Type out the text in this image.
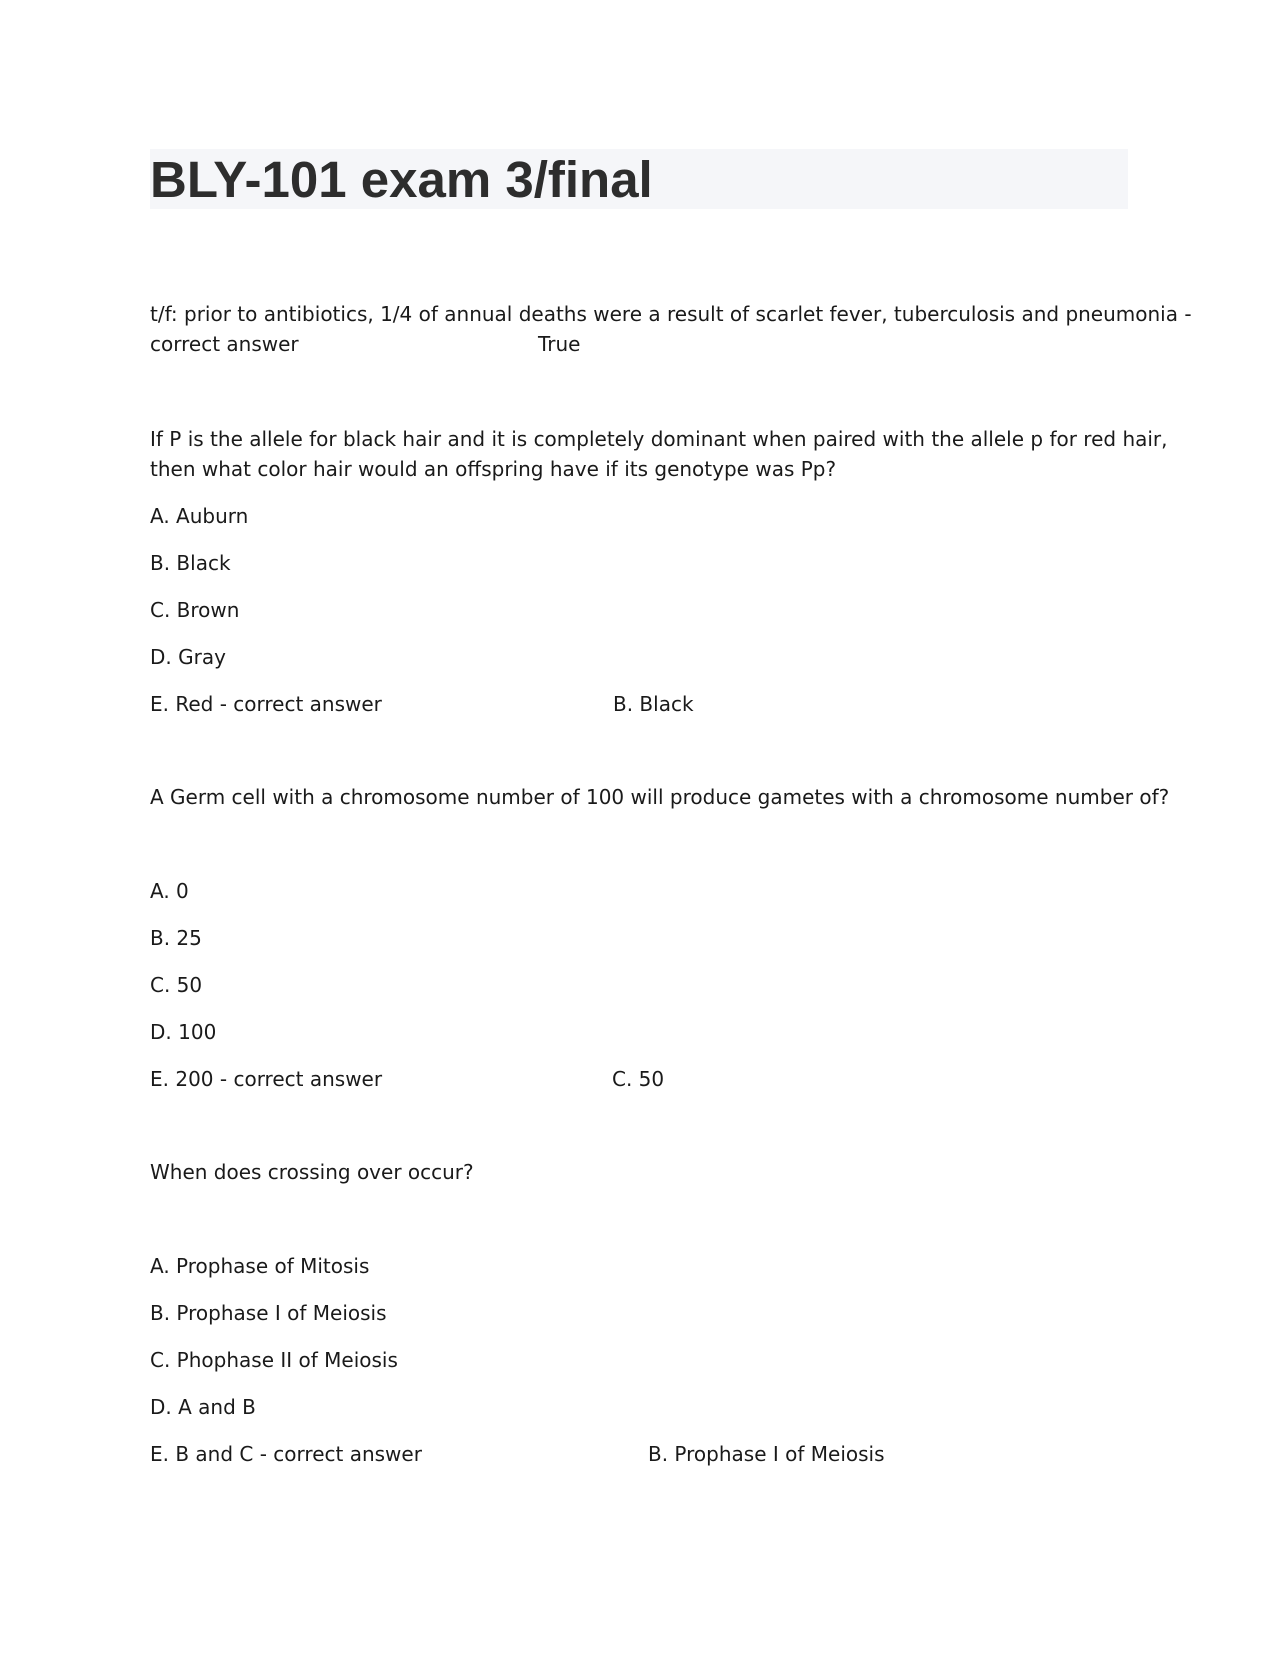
BLY-101 exam 3/final

t/f: prior to antibiotics, 1/4 of annual deaths were a result of scarlet fever, tuberculosis and pneumonia -

correct answer	True

If P is the allele for black hair and it is completely dominant when paired with the allele p for red hair,

then what color hair would an offspring have if its genotype was Pp?

A. Auburn

B. Black

C. Brown

D. Gray

E. Red - correct answer	B. Black

A Germ cell with a chromosome number of 100 will produce gametes with a chromosome number of?

A. 0

B. 25

C. 50

D. 100

E. 200 - correct answer	C. 50

When does crossing over occur?

A. Prophase of Mitosis

B. Prophase I of Meiosis

C. Phophase II of Meiosis

D. A and B

E. B and C - correct answer	B. Prophase I of Meiosis
